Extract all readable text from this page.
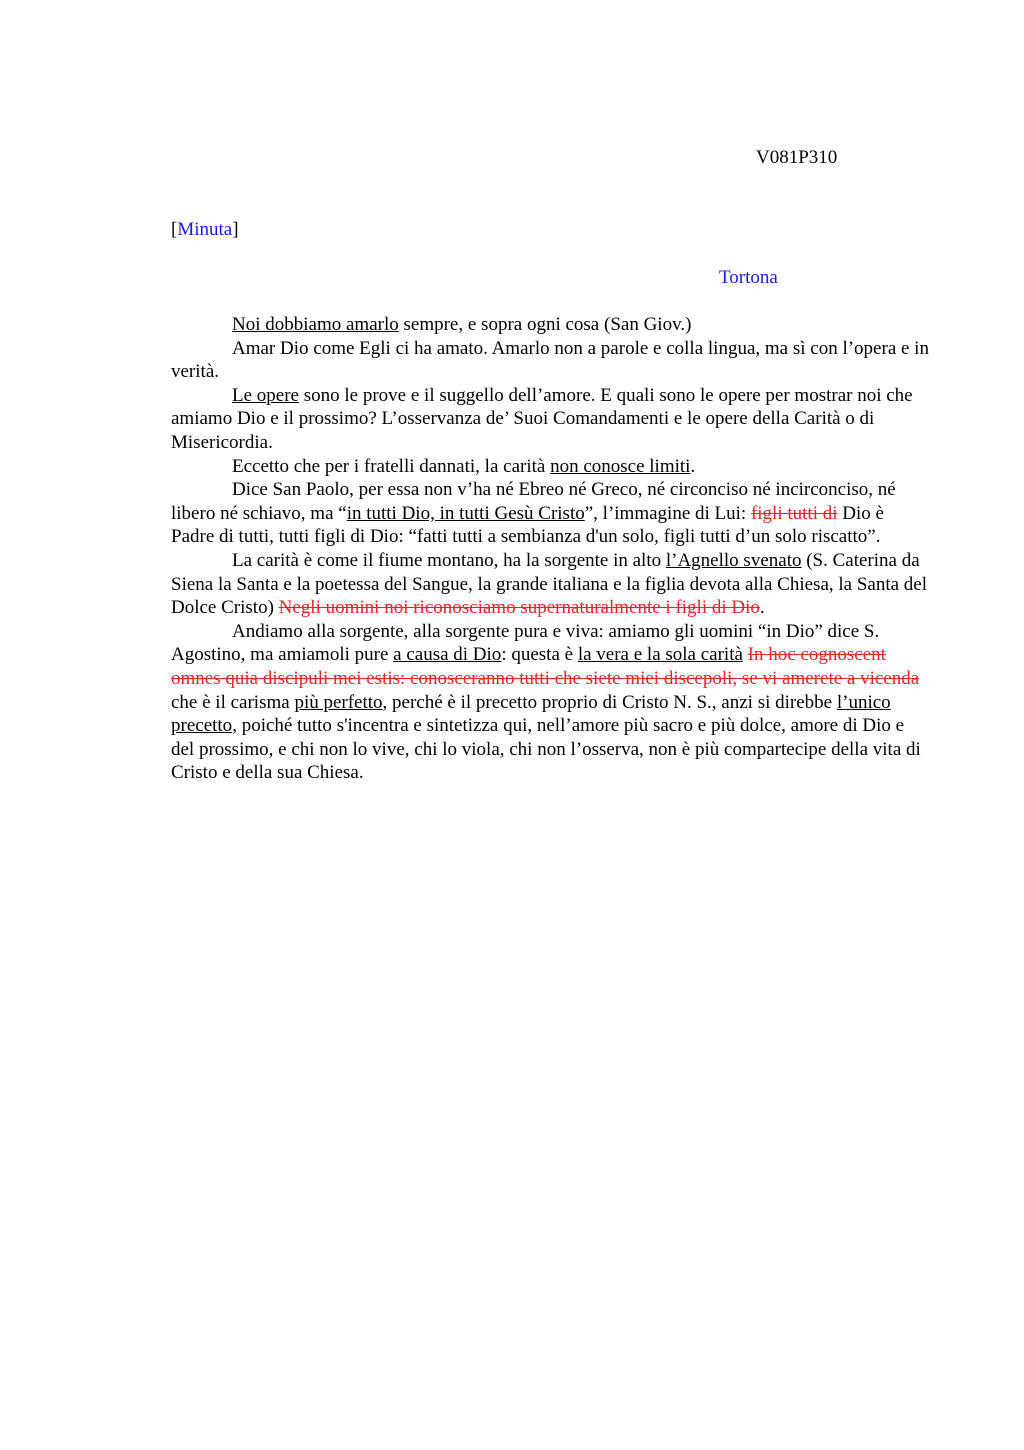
V081P310
[Minuta]
Tortona

Noi dobbiamo amarlo sempre, e sopra ogni cosa (San Giov.)

Amar Dio come Egli ci ha amato. Amarlo non a parole e colla lingua, ma sì con l’opera e in verità.

Le opere sono le prove e il suggello dell’amore. E quali sono le opere per mostrar noi che amiamo Dio e il prossimo? L’osservanza de’ Suoi Comandamenti e le opere della Carità o di Misericordia.

Eccetto che per i fratelli dannati, la carità non conosce limiti.

Dice San Paolo, per essa non v’ha né Ebreo né Greco, né circonciso né incirconciso, né libero né schiavo, ma “in tutti Dio, in tutti Gesù Cristo”, l’immagine di Lui: figli tutti di Dio è Padre di tutti, tutti figli di Dio: “fatti tutti a sembianza d'un solo, figli tutti d’un solo riscatto”.

La carità è come il fiume montano, ha la sorgente in alto l’Agnello svenato (S. Caterina da Siena la Santa e la poetessa del Sangue, la grande italiana e la figlia devota alla Chiesa, la Santa del Dolce Cristo) Negli uomini noi riconosciamo supernaturalmente i figli di Dio.

Andiamo alla sorgente, alla sorgente pura e viva: amiamo gli uomini “in Dio” dice S. Agostino, ma amiamoli pure a causa di Dio: questa è la vera e la sola carità In hoc cognoscent omnes quia discipuli mei estis: conosceranno tutti che siete miei discepoli, se vi amerete a vicenda che è il carisma più perfetto, perché è il precetto proprio di Cristo N. S., anzi si direbbe l’unico precetto, poiché tutto s'incentra e sintetizza qui, nell’amore più sacro e più dolce, amore di Dio e del prossimo, e chi non lo vive, chi lo viola, chi non l’osserva, non è più compartecipe della vita di Cristo e della sua Chiesa.
